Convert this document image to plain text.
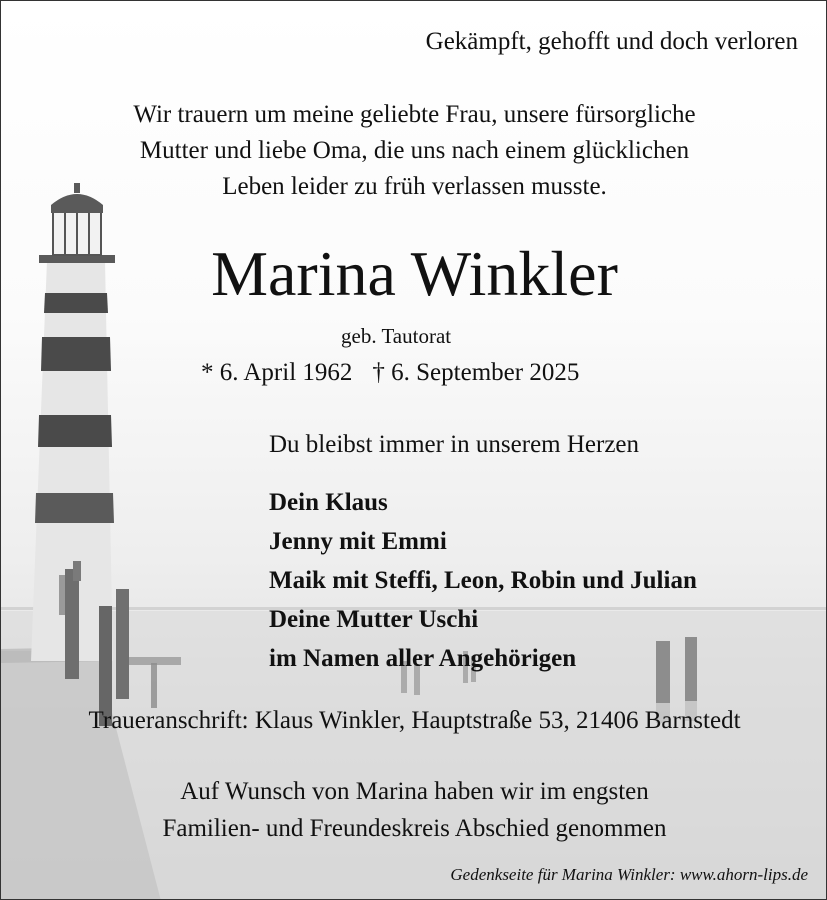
Gekämpft, gehofft und doch verloren
Wir trauern um meine geliebte Frau, unsere fürsorgliche
Mutter und liebe Oma, die uns nach einem glücklichen
Leben leider zu früh verlassen musste.
Marina Winkler
geb. Tautorat
* 6. April 1962 † 6. September 2025
Du bleibst immer in unserem Herzen
Dein Klaus
Jenny mit Emmi
Maik mit Steffi, Leon, Robin und Julian
Deine Mutter Uschi
im Namen aller Angehörigen
Traueranschrift: Klaus Winkler, Hauptstraße 53, 21406 Barnstedt
Auf Wunsch von Marina haben wir im engsten
Familien- und Freundeskreis Abschied genommen
Gedenkseite für Marina Winkler: www.ahorn-lips.de
